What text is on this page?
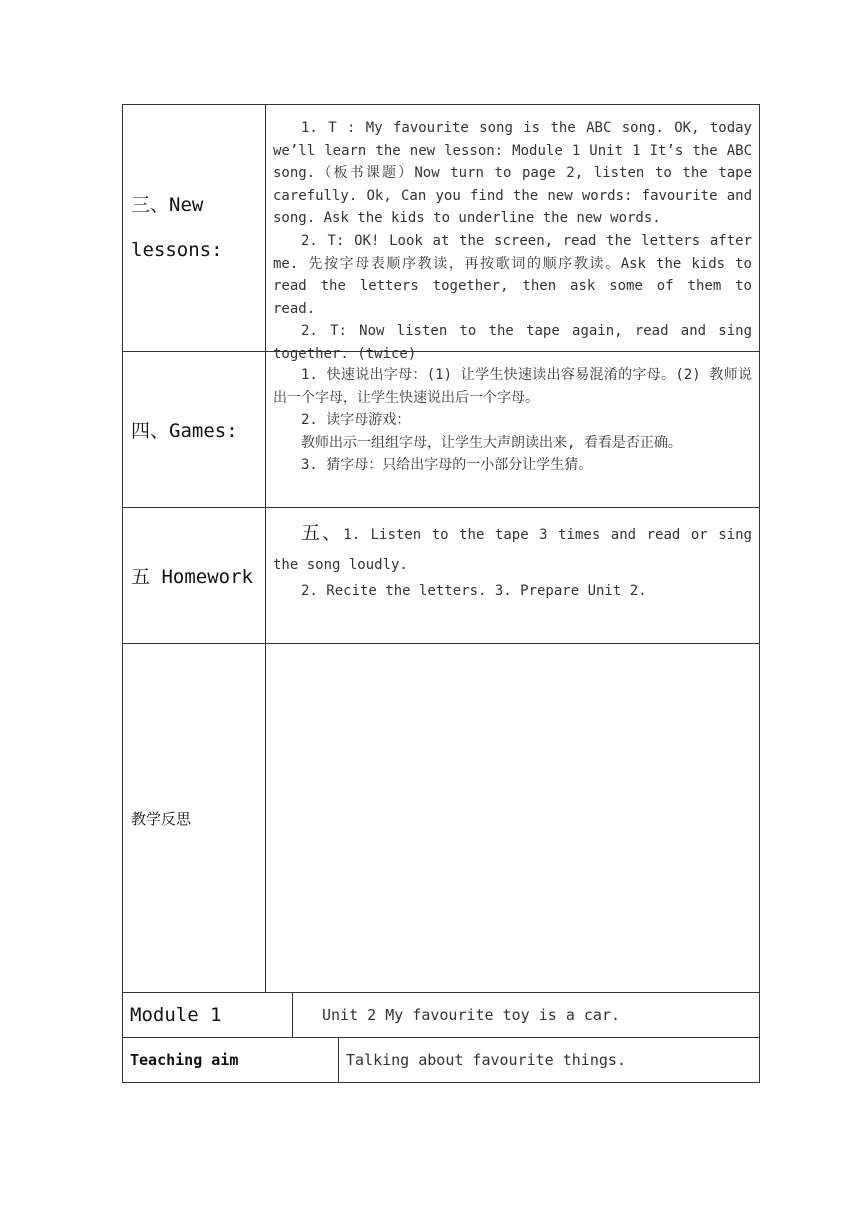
三、New
lessons:

1. T : My favourite song is the ABC song. OK, today we’ll learn the new lesson: Module 1 Unit 1 It’s the ABC song.（板书课题）Now turn to page 2, listen to the tape carefully. Ok, Can you find the new words: favourite and song. Ask the kids to underline the new words.

2. T: OK! Look at the screen, read the letters after me. 先按字母表顺序教读，再按歌词的顺序教读。Ask the kids to read the letters together, then ask some of them to read.

2. T: Now listen to the tape again, read and sing together. (twice)

四、Games:

1. 快速说出字母：(1) 让学生快速读出容易混淆的字母。(2) 教师说出一个字母，让学生快速说出后一个字母。

2. 读字母游戏：

教师出示一组组字母，让学生大声朗读出来, 看看是否正确。

3. 猜字母：只给出字母的一小部分让学生猜。

五 Homework

五、1. Listen to the tape 3 times and read or sing the song loudly.

2. Recite the letters. 3. Prepare Unit 2.

教学反思
Module 1	Unit 2 My favourite toy is a car.
Teaching aim	Talking about favourite things.
